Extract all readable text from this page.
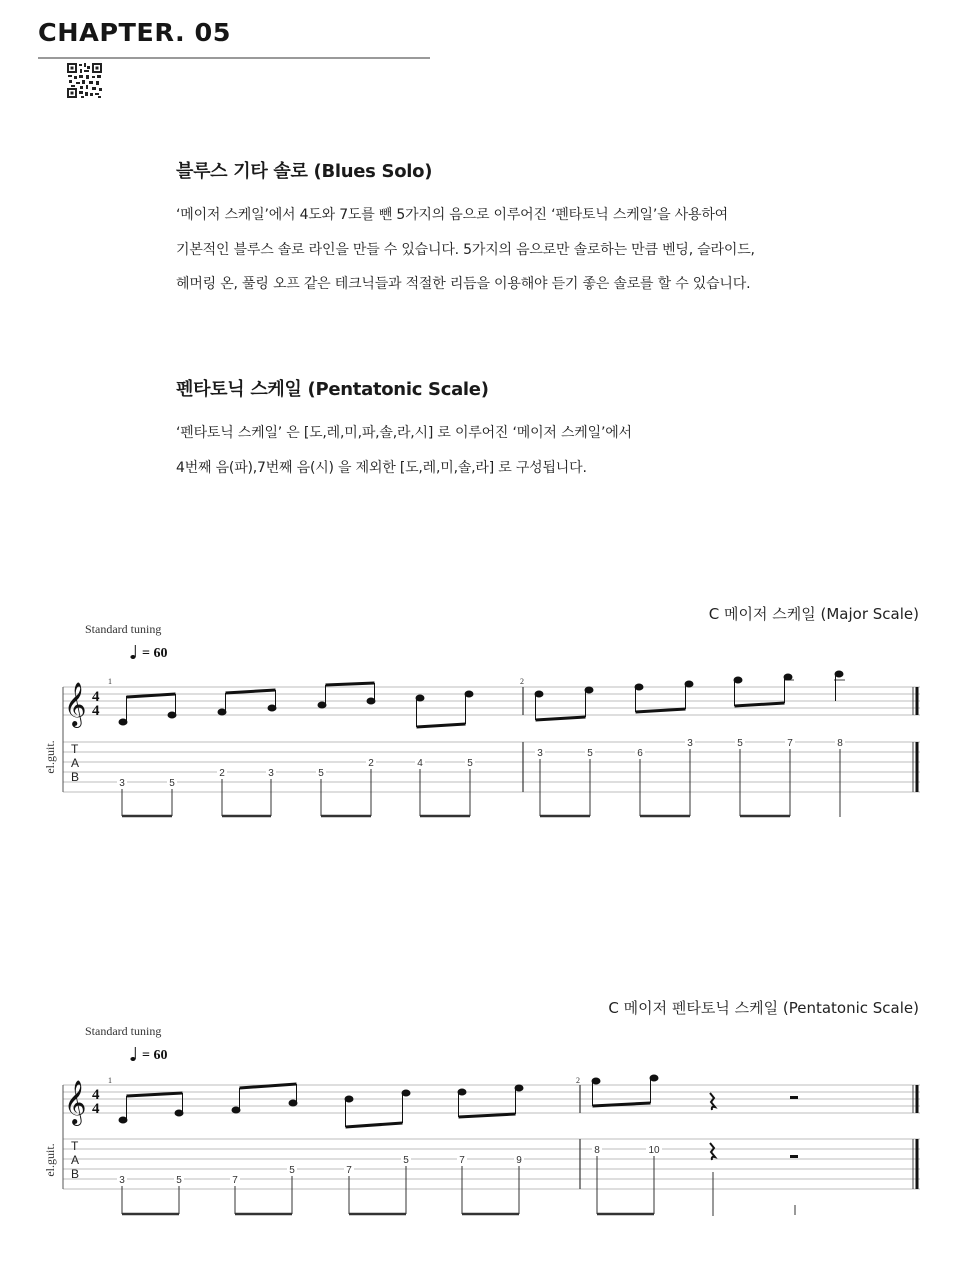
CHAPTER. 05
블루스 기타 솔로 (Blues Solo)
‘메이저 스케일’에서 4도와 7도를 뺀 5가지의 음으로 이루어진 ‘펜타토닉 스케일’을 사용하여
기본적인 블루스 솔로 라인을 만들 수 있습니다. 5가지의 음으로만 솔로하는 만큼 벤딩, 슬라이드,
헤머링 온, 풀링 오프 같은 테크닉들과 적절한 리듬을 이용해야 듣기 좋은 솔로를 할 수 있습니다.
펜타토닉 스케일 (Pentatonic Scale)
‘펜타토닉 스케일’ 은 [도,레,미,파,솔,라,시] 로 이루어진 ‘메이저 스케일’에서
4번째 음(파),7번째 음(시) 을 제외한 [도,레,미,솔,라] 로 구성됩니다.
C 메이저 스케일 (Major Scale)
C 메이저 펜타토닉 스케일 (Pentatonic Scale)
Standard tuning
= 60
el.guit.
1	2
𝄞 4
4
T
A
B	3	5
2	3	5
2	4	5
3	5	6
3	5	7	8
Standard tuning
= 60
el.guit.
1	2
𝄞 4
4
T
A
B	3	5	7
5	7
5	7	9
8	10
